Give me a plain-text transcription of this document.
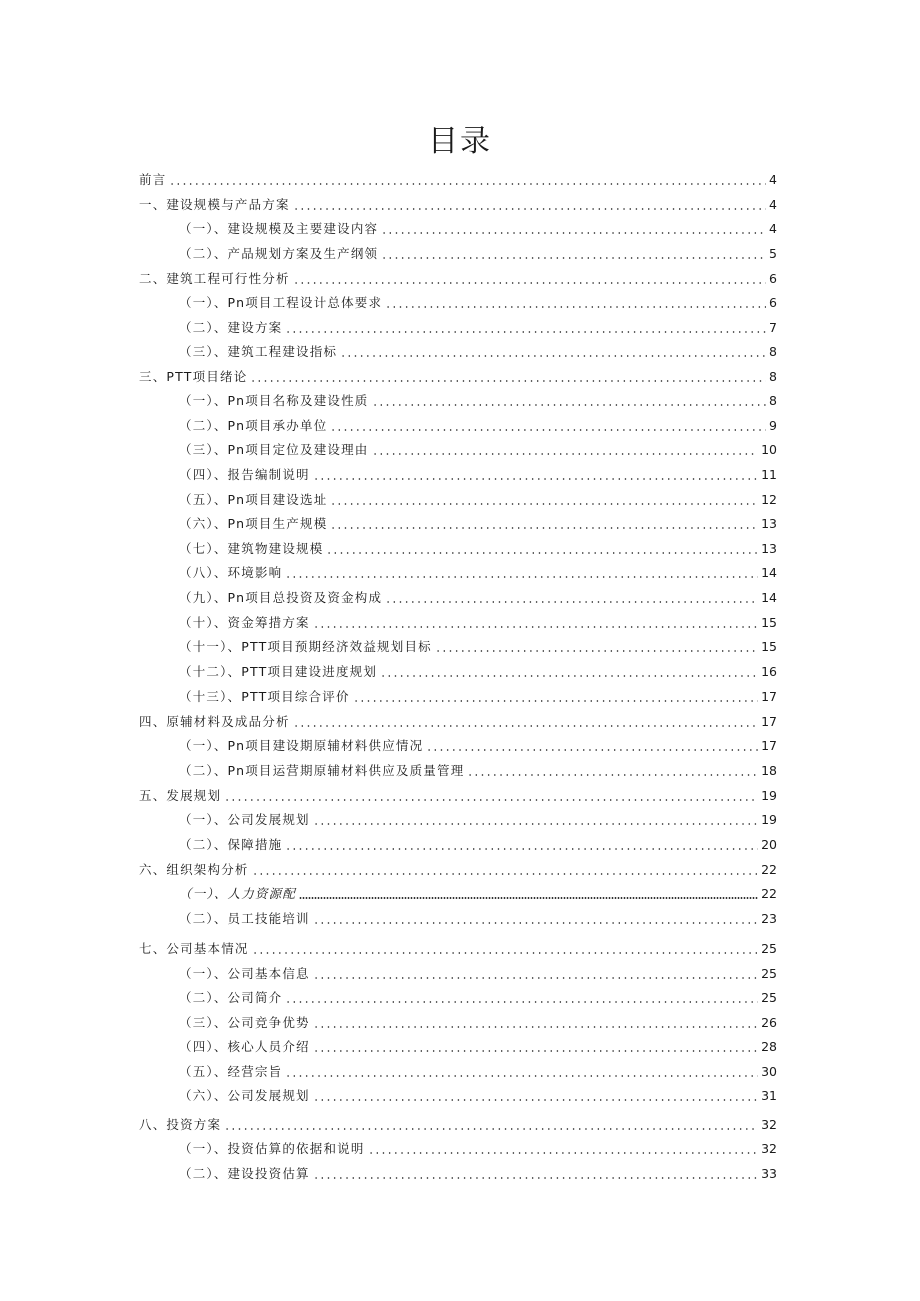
目录
前言	4
一、建设规模与产品方案	4
（一）、建设规模及主要建设内容	4
（二）、产品规划方案及生产纲领	5
二、建筑工程可行性分析	6
（一）、Pn项目工程设计总体要求	6
（二）、建设方案	7
（三）、建筑工程建设指标	8
三、PTT项目绪论	8
（一）、Pn项目名称及建设性质	8
（二）、Pn项目承办单位	9
（三）、Pn项目定位及建设理由	10
（四）、报告编制说明	11
（五）、Pn项目建设选址	12
（六）、Pn项目生产规模	13
（七）、建筑物建设规模	13
（八）、环境影响	14
（九）、Pn项目总投资及资金构成	14
（十）、资金筹措方案	15
（十一）、PTT项目预期经济效益规划目标	15
（十二）、PTT项目建设进度规划	16
（十三）、PTT项目综合评价	17
四、原辅材料及成品分析	17
（一）、Pn项目建设期原辅材料供应情况	17
（二）、Pn项目运营期原辅材料供应及质量管理	18
五、发展规划	19
（一）、公司发展规划	19
（二）、保障措施	20
六、组织架构分析	22
（一）、人力资源配	22
（二）、员工技能培训	23
七、公司基本情况	25
（一）、公司基本信息	25
（二）、公司简介	25
（三）、公司竞争优势	26
（四）、核心人员介绍	28
（五）、经营宗旨	30
（六）、公司发展规划	31
八、投资方案	32
（一）、投资估算的依据和说明	32
（二）、建设投资估算	33
